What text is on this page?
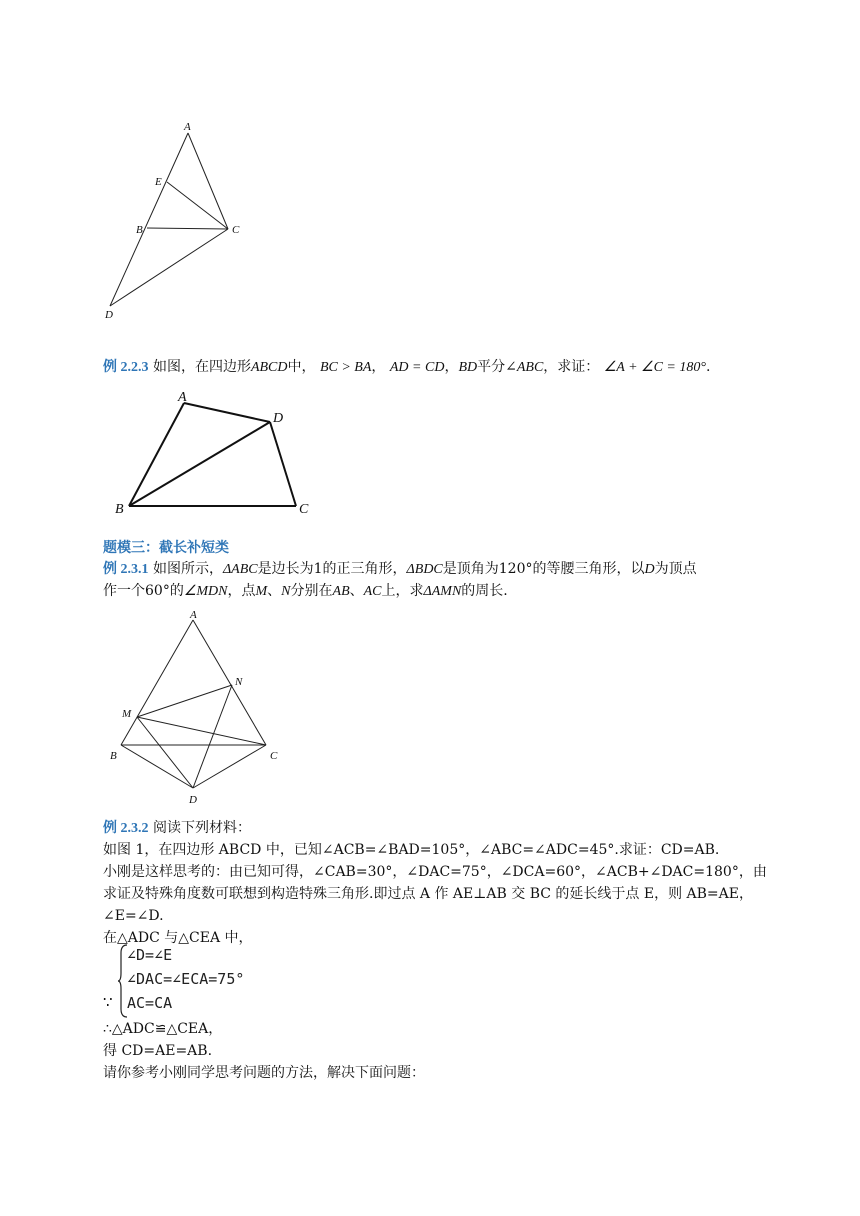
A
E
B	C
D
例 2.2.3 如图，在四边形ABCD中， BC > BA， AD = CD，BD平分∠ABC，求证： ∠A + ∠C = 180°.
A
D
B	C
题模三：截长补短类
例 2.3.1 如图所示，ΔABC是边长为1的正三角形，ΔBDC是顶角为120°的等腰三角形，以D为顶点
作一个60°的∠MDN，点M、N分别在AB、AC上，求ΔAMN的周长.
A
N
M
B	C
D
例 2.3.2 阅读下列材料：
如图 1，在四边形 ABCD 中，已知∠ACB=∠BAD=105°，∠ABC=∠ADC=45°.求证：CD=AB.
小刚是这样思考的：由已知可得，∠CAB=30°，∠DAC=75°，∠DCA=60°，∠ACB+∠DAC=180°，由
求证及特殊角度数可联想到构造特殊三角形.即过点 A 作 AE⊥AB 交 BC 的延长线于点 E，则 AB=AE，
∠E=∠D.
在△ADC 与△CEA 中，
∵
∠D=∠E
∠DAC=∠ECA=75°
AC=CA
∴△ADC≌△CEA，
得 CD=AE=AB.
请你参考小刚同学思考问题的方法，解决下面问题：
